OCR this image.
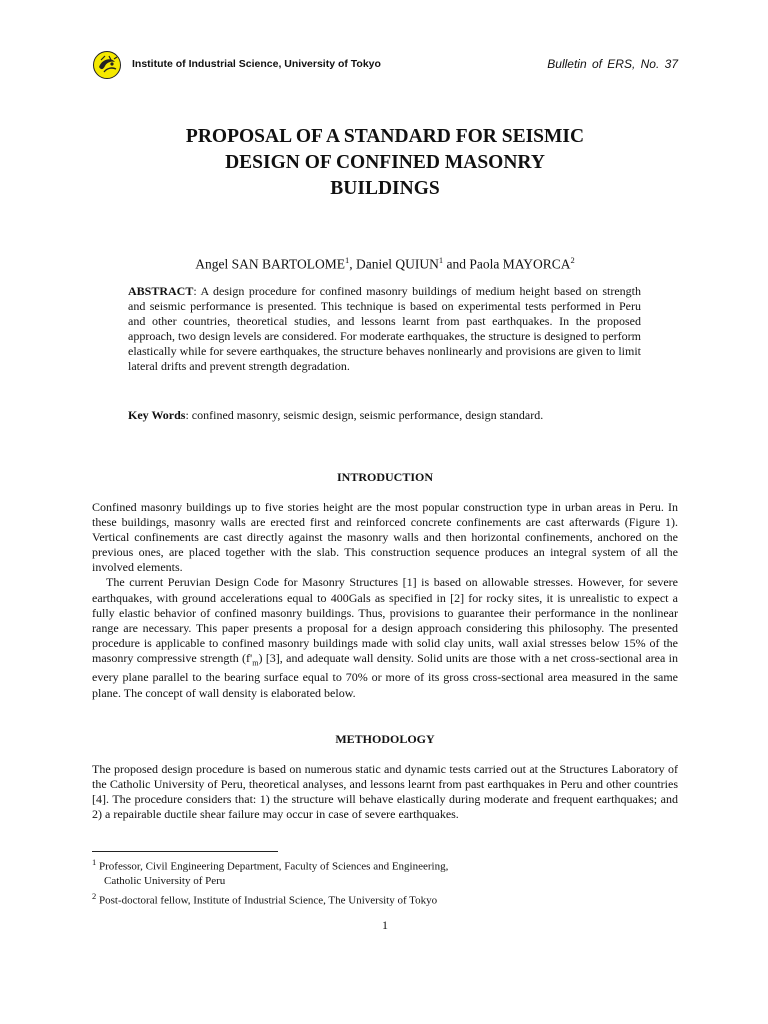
Institute of Industrial Science, University of Tokyo	Bulletin of ERS, No. 37
PROPOSAL OF A STANDARD FOR SEISMIC
DESIGN OF CONFINED MASONRY
BUILDINGS
Angel SAN BARTOLOME$^1$, Daniel QUIUN$^1$ and Paola MAYORCA$^2$
ABSTRACT: A design procedure for confined masonry buildings of medium height based on strength and seismic performance is presented. This technique is based on experimental tests performed in Peru and other countries, theoretical studies, and lessons learnt from past earthquakes. In the proposed approach, two design levels are considered. For moderate earthquakes, the structure is designed to perform elastically while for severe earthquakes, the structure behaves nonlinearly and provisions are given to limit lateral drifts and prevent strength degradation.
Key Words: confined masonry, seismic design, seismic performance, design standard.
INTRODUCTION

Confined masonry buildings up to five stories height are the most popular construction type in urban areas in Peru. In these buildings, masonry walls are erected first and reinforced concrete confinements are cast afterwards (Figure 1). Vertical confinements are cast directly against the masonry walls and then horizontal confinements, anchored on the previous ones, are placed together with the slab. This construction sequence produces an integral system of all the involved elements.

The current Peruvian Design Code for Masonry Structures [1] is based on allowable stresses. However, for severe earthquakes, with ground accelerations equal to 400Gals as specified in [2] for rocky sites, it is unrealistic to expect a fully elastic behavior of confined masonry buildings. Thus, provisions to guarantee their performance in the nonlinear range are necessary. This paper presents a proposal for a design approach considering this philosophy. The presented procedure is applicable to confined masonry buildings made with solid clay units, wall axial stresses below 15% of the masonry compressive strength $(f'_m)$ [3], and adequate wall density. Solid units are those with a net cross-sectional area in every plane parallel to the bearing surface equal to 70% or more of its gross cross-sectional area measured in the same plane. The concept of wall density is elaborated below.

METHODOLOGY

The proposed design procedure is based on numerous static and dynamic tests carried out at the Structures Laboratory of the Catholic University of Peru, theoretical analyses, and lessons learnt from past earthquakes in Peru and other countries [4]. The procedure considers that: 1) the structure will behave elastically during moderate and frequent earthquakes; and 2) a repairable ductile shear failure may occur in case of severe earthquakes.

$^1$ Professor, Civil Engineering Department, Faculty of Sciences and Engineering,
Catholic University of Peru
$^2$ Post-doctoral fellow, Institute of Industrial Science, The University of Tokyo
1
